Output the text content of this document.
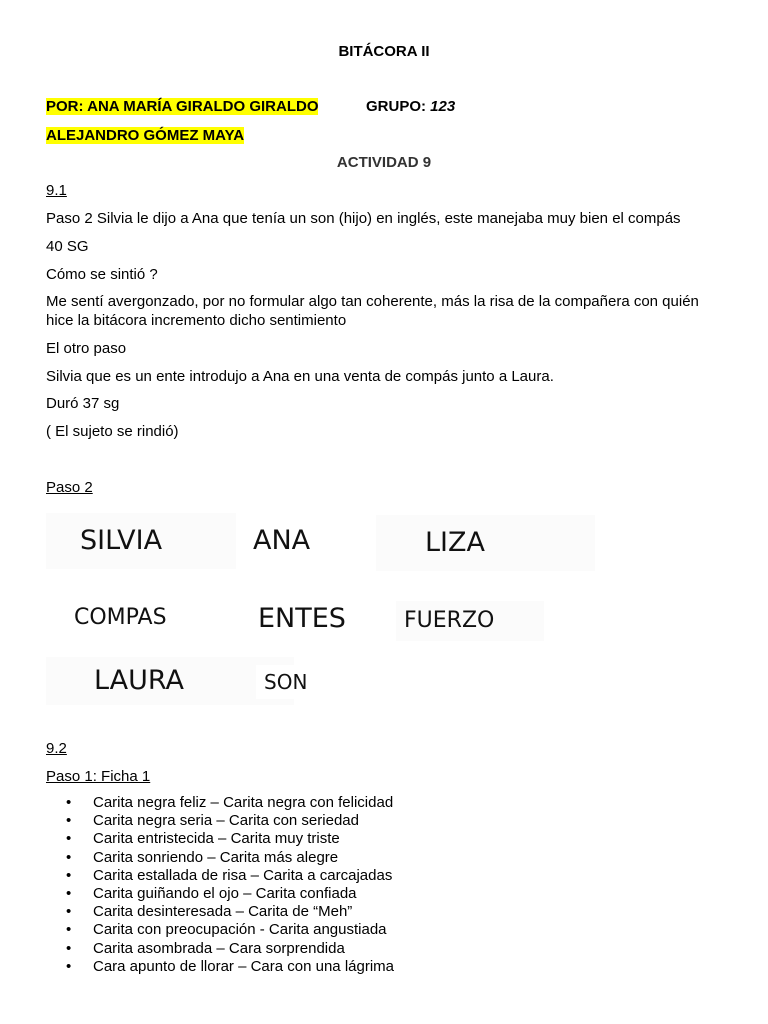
BITÁCORA II
POR: ANA MARÍA GIRALDO GIRALDO	GRUPO: 123
ALEJANDRO GÓMEZ MAYA
ACTIVIDAD 9
9.1
Paso 2 Silvia le dijo a Ana que tenía un son (hijo) en inglés, este manejaba muy bien el compás
40 SG
Cómo se sintió ?
Me sentí avergonzado, por no formular algo tan coherente, más la risa de la compañera con quién
hice la bitácora incremento dicho sentimiento
El otro paso
Silvia que es un ente introdujo a Ana en una venta de compás junto a Laura.
Duró 37 sg
( El sujeto se rindió)
Paso 2
SILVIA	ANA	LIZA
COMPAS	ENTES	FUERZO
LAURA	SON
9.2
Paso 1: Ficha 1
• Carita negra feliz – Carita negra con felicidad
• Carita negra seria – Carita con seriedad
• Carita entristecida – Carita muy triste
• Carita sonriendo – Carita más alegre
• Carita estallada de risa – Carita a carcajadas
• Carita guiñando el ojo – Carita confiada
• Carita desinteresada – Carita de “Meh”
• Carita con preocupación - Carita angustiada
• Carita asombrada – Cara sorprendida
• Cara apunto de llorar – Cara con una lágrima
